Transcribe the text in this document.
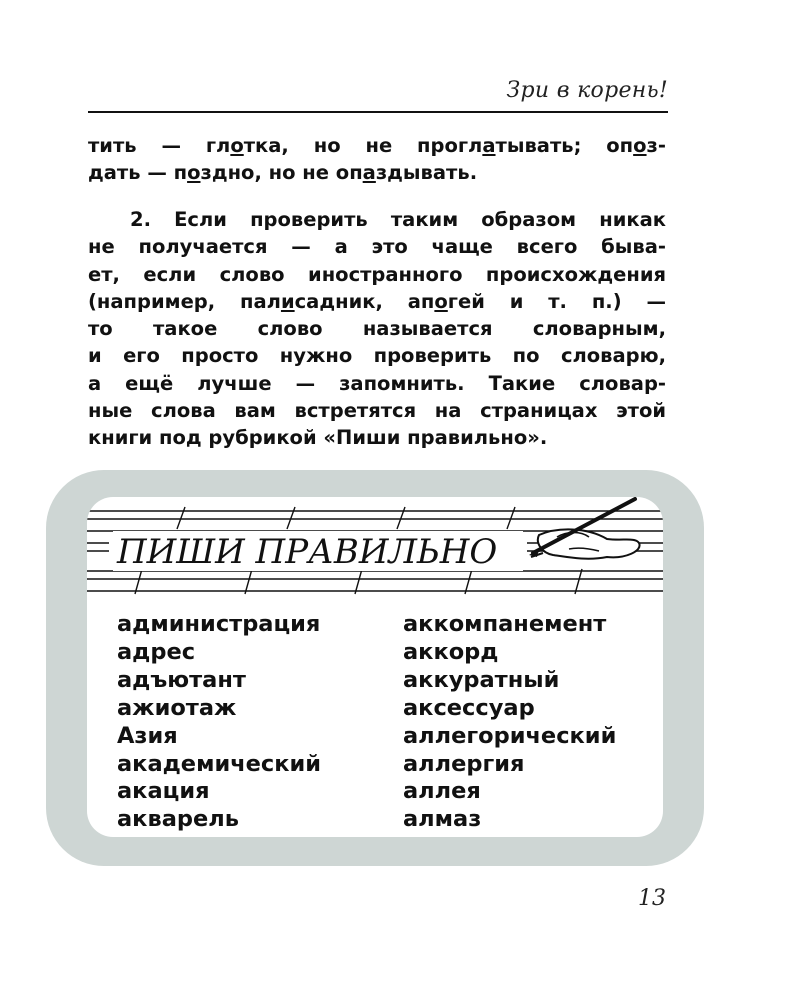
Зри в корень!
тить — глотка, но не проглатывать; опоз-
дать — поздно, но не опаздывать.
2. Если проверить таким образом никак
не получается — а это чаще всего быва-
ет, если слово иностранного происхождения
(например, палисадник, апогей и т. п.) —
то такое слово называется словарным,
и его просто нужно проверить по словарю,
а ещё лучше — запомнить. Такие словар-
ные слова вам встретятся на страницах этой
книги под рубрикой «Пиши правильно».
ПИШИ ПРАВИЛЬНО
администрация
адрес
адъютант
ажиотаж
Азия
академический
акация
акварель
аккомпанемент
аккорд
аккуратный
аксессуар
аллегорический
аллергия
аллея
алмаз
13
